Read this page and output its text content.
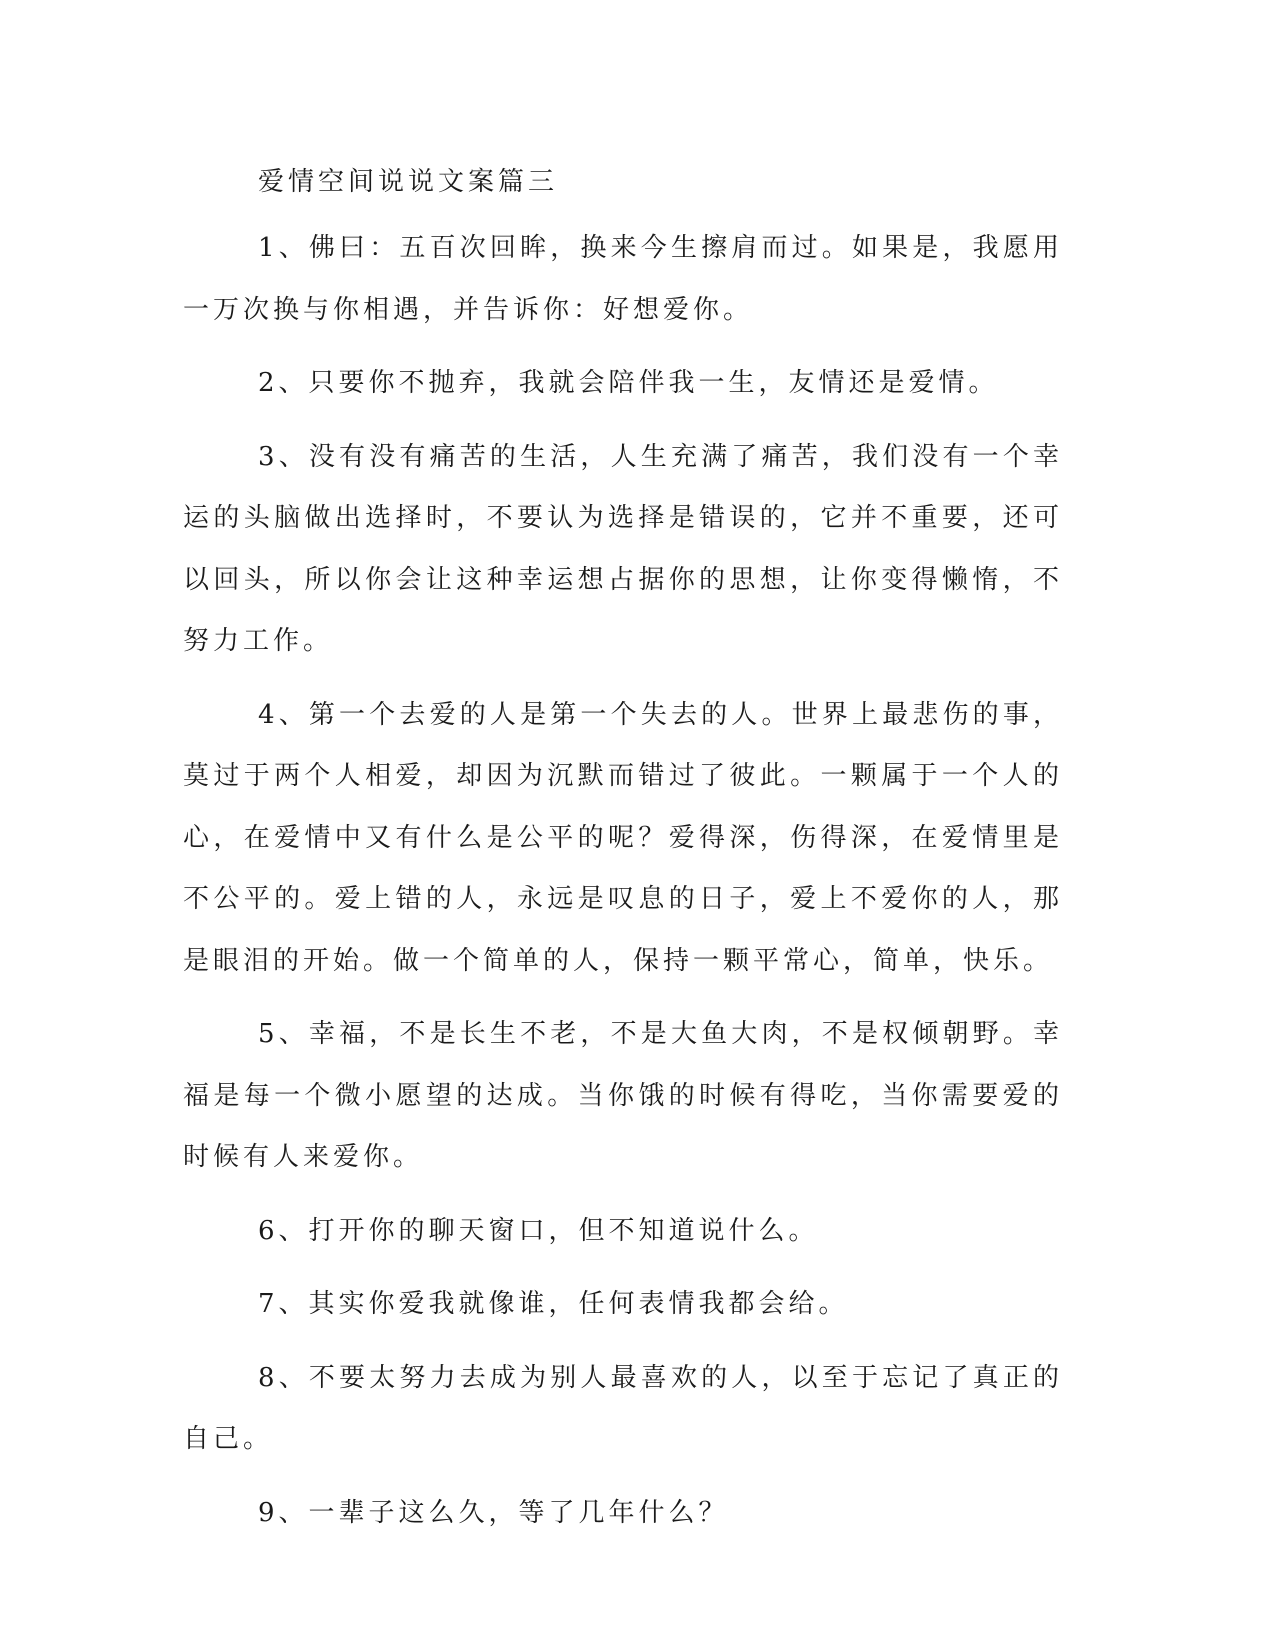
爱情空间说说文案篇三

1、佛曰：五百次回眸，换来今生擦肩而过。如果是，我愿用一万次换与你相遇，并告诉你：好想爱你。

2、只要你不抛弃，我就会陪伴我一生，友情还是爱情。

3、没有没有痛苦的生活，人生充满了痛苦，我们没有一个幸运的头脑做出选择时，不要认为选择是错误的，它并不重要，还可以回头，所以你会让这种幸运想占据你的思想，让你变得懒惰，不努力工作。

4、第一个去爱的人是第一个失去的人。世界上最悲伤的事，莫过于两个人相爱，却因为沉默而错过了彼此。一颗属于一个人的心，在爱情中又有什么是公平的呢？爱得深，伤得深，在爱情里是不公平的。爱上错的人，永远是叹息的日子，爱上不爱你的人，那是眼泪的开始。做一个简单的人，保持一颗平常心，简单，快乐。

5、幸福，不是长生不老，不是大鱼大肉，不是权倾朝野。幸福是每一个微小愿望的达成。当你饿的时候有得吃，当你需要爱的时候有人来爱你。

6、打开你的聊天窗口，但不知道说什么。

7、其实你爱我就像谁，任何表情我都会给。

8、不要太努力去成为别人最喜欢的人，以至于忘记了真正的自己。

9、一辈子这么久，等了几年什么？
